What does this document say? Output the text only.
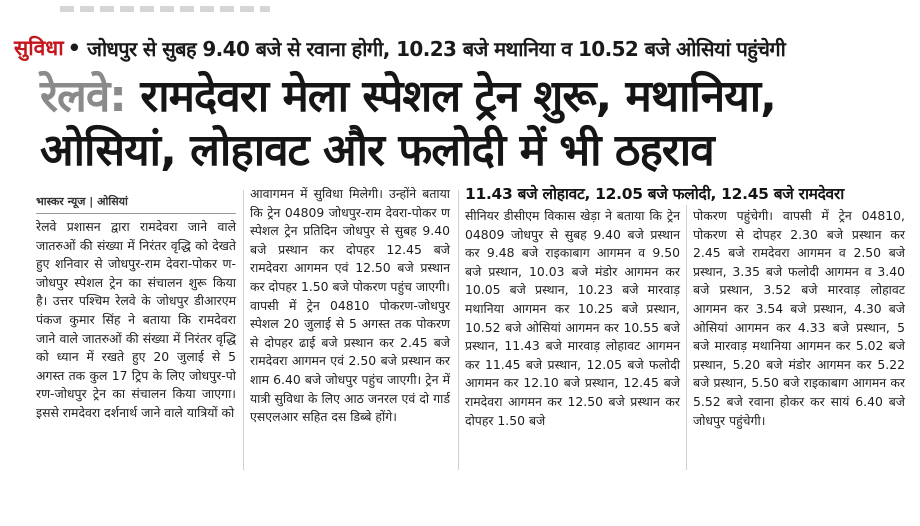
सुविधा • जोधपुर से सुबह 9.40 बजे से रवाना होगी, 10.23 बजे मथानिया व 10.52 बजे ओसियां पहुंचेगी
रेलवे: रामदेवरा मेला स्पेशल ट्रेन शुरू, मथानिया,
ओसियां, लोहावट और फलोदी में भी ठहराव
भास्कर न्यूज | ओसियां	11.43 बजे लोहावट, 12.05 बजे फलोदी, 12.45 बजे रामदेवरा
रेलवे प्रशासन द्वारा रामदेवरा जाने वाले जातरुओं की संख्या में निरंतर वृद्धि को देखते हुए शनिवार से जोधपुर-राम देवरा-पोकर ण-जोधपुर स्पेशल ट्रेन का संचालन शुरू किया है। उत्तर पश्चिम रेलवे के जोधपुर डीआरएम पंकज कुमार सिंह ने बताया कि रामदेवरा जाने वाले जातरुओं की संख्या में निरंतर वृद्धि को ध्यान में रखते हुए 20 जुलाई से 5 अगस्त तक कुल 17 ट्रिप के लिए जोधपुर-पो रण-जोधपुर ट्रेन का संचालन किया जाएगा। इससे रामदेवरा दर्शनार्थ जाने वाले यात्रियों को
आवागमन में सुविधा मिलेगी। उन्होंने बताया कि ट्रेन 04809 जोधपुर-राम देवरा-पोकर ण स्पेशल ट्रेन प्रतिदिन जोधपुर से सुबह 9.40 बजे प्रस्थान कर दोपहर 12.45 बजे रामदेवरा आगमन एवं 12.50 बजे प्रस्थान कर दोपहर 1.50 बजे पोकरण पहुंच जाएगी। वापसी में ट्रेन 04810 पोकरण-जोधपुर स्पेशल 20 जुलाई से 5 अगस्त तक पोकरण से दोपहर ढाई बजे प्रस्थान कर 2.45 बजे रामदेवरा आगमन एवं 2.50 बजे प्रस्थान कर शाम 6.40 बजे जोधपुर पहुंच जाएगी। ट्रेन में यात्री सुविधा के लिए आठ जनरल एवं दो गार्ड एसएलआर सहित दस डिब्बे होंगे।
सीनियर डीसीएम विकास खेड़ा ने बताया कि ट्रेन 04809 जोधपुर से सुबह 9.40 बजे प्रस्थान कर 9.48 बजे राइकाबाग आगमन व 9.50 बजे प्रस्थान, 10.03 बजे मंडोर आगमन कर 10.05 बजे प्रस्थान, 10.23 बजे मारवाड़ मथानिया आगमन कर 10.25 बजे प्रस्थान, 10.52 बजे ओसियां आगमन कर 10.55 बजे प्रस्थान, 11.43 बजे मारवाड़ लोहावट आगमन कर 11.45 बजे प्रस्थान, 12.05 बजे फलोदी आगमन कर 12.10 बजे प्रस्थान, 12.45 बजे रामदेवरा आगमन कर 12.50 बजे प्रस्थान कर दोपहर 1.50 बजे
पोकरण पहुंचेगी। वापसी में ट्रेन 04810, पोकरण से दोपहर 2.30 बजे प्रस्थान कर 2.45 बजे रामदेवरा आगमन व 2.50 बजे प्रस्थान, 3.35 बजे फलोदी आगमन व 3.40 बजे प्रस्थान, 3.52 बजे मारवाड़ लोहावट आगमन कर 3.54 बजे प्रस्थान, 4.30 बजे ओसियां आगमन कर 4.33 बजे प्रस्थान, 5 बजे मारवाड़ मथानिया आगमन कर 5.02 बजे प्रस्थान, 5.20 बजे मंडोर आगमन कर 5.22 बजे प्रस्थान, 5.50 बजे राइकाबाग आगमन कर 5.52 बजे रवाना होकर कर सायं 6.40 बजे जोधपुर पहुंचेगी।
